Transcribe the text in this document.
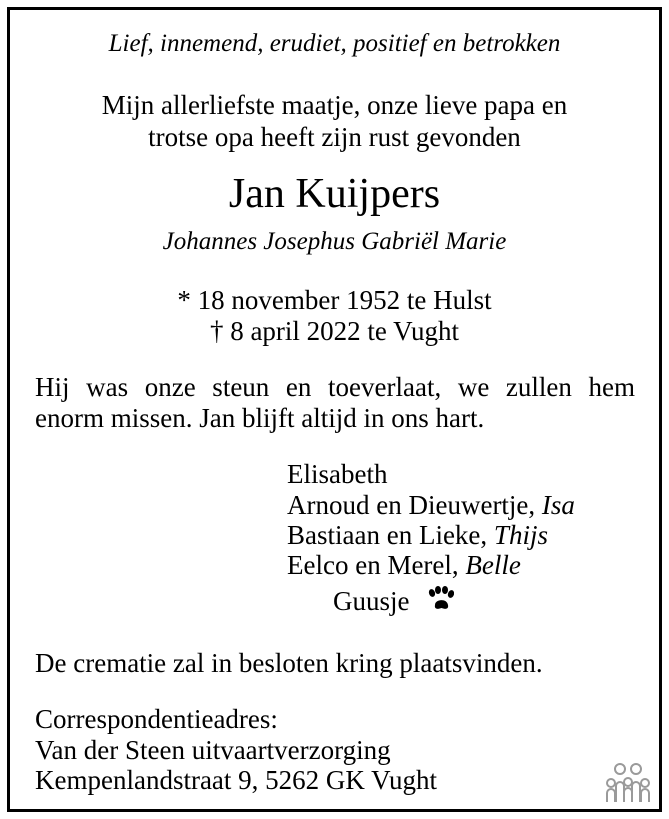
Lief, innemend, erudiet, positief en betrokken
Mijn allerliefste maatje, onze lieve papa en
trotse opa heeft zijn rust gevonden
Jan Kuijpers
Johannes Josephus Gabriël Marie
* 18 november 1952 te Hulst
† 8 april 2022 te Vught
Hij was onze steun en toeverlaat, we zullen hem
enorm missen. Jan blijft altijd in ons hart.
Elisabeth
Arnoud en Dieuwertje, Isa
Bastiaan en Lieke, Thijs
Eelco en Merel, Belle
Guusje
De crematie zal in besloten kring plaatsvinden.
Correspondentieadres:
Van der Steen uitvaartverzorging
Kempenlandstraat 9, 5262 GK Vught
